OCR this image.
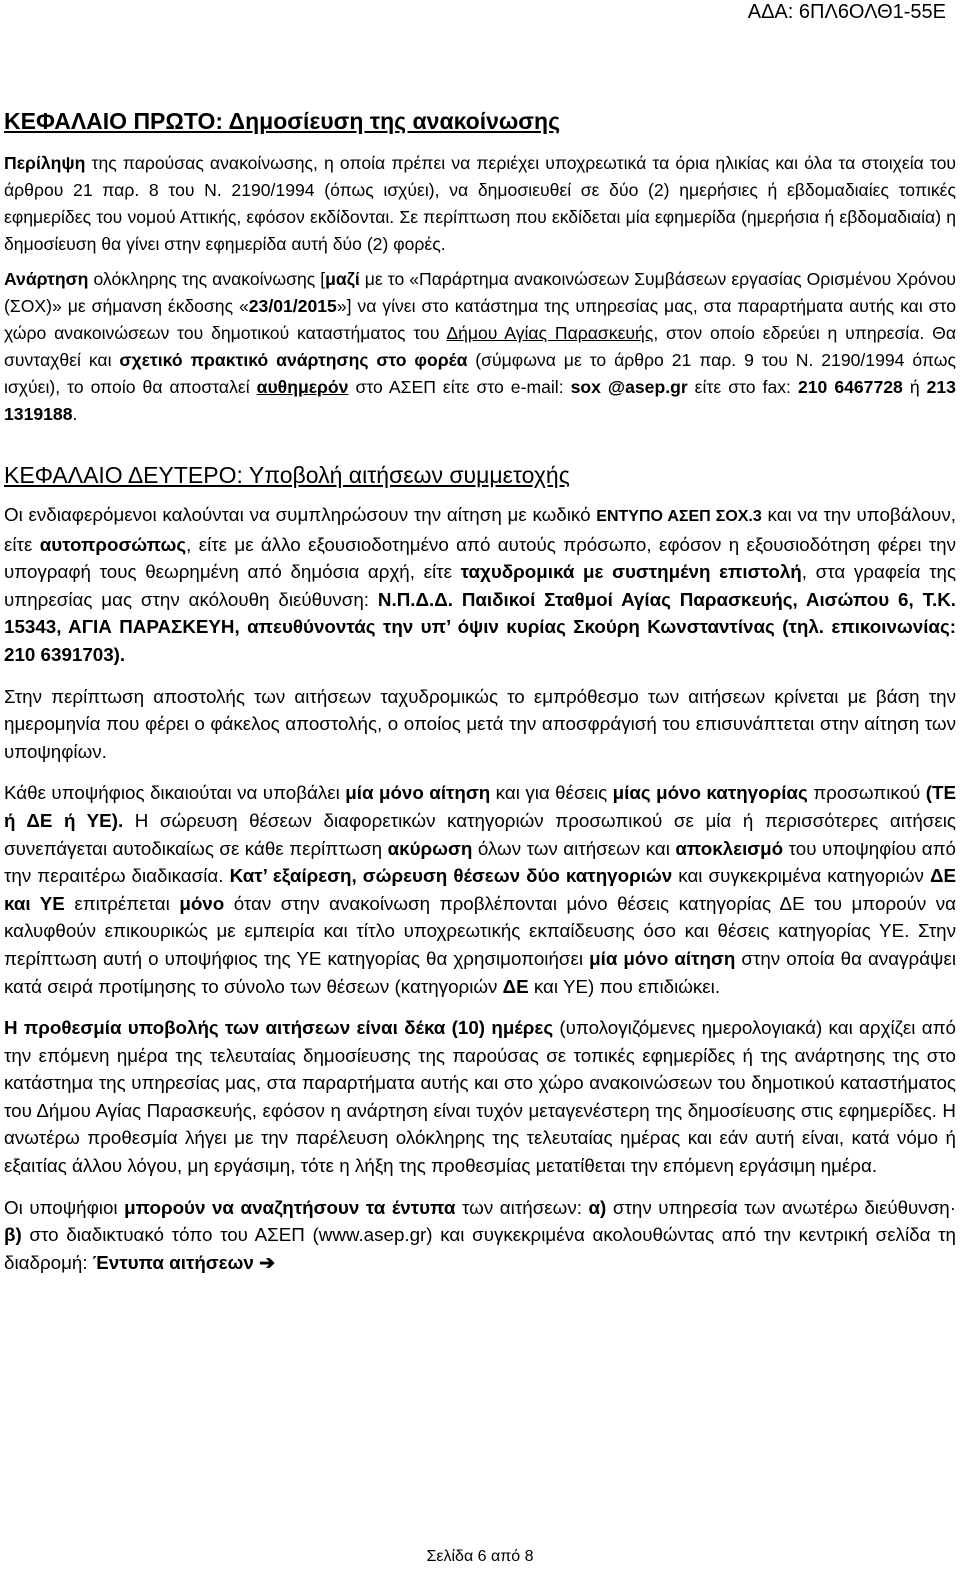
ΑΔΑ: 6ΠΛ6ΟΛΘ1-55Ε
ΚΕΦΑΛΑΙΟ ΠΡΩΤΟ: Δημοσίευση της ανακοίνωσης

Περίληψη της παρούσας ανακοίνωσης, η οποία πρέπει να περιέχει υποχρεωτικά τα όρια ηλικίας και όλα τα στοιχεία του άρθρου 21 παρ. 8 του Ν. 2190/1994 (όπως ισχύει), να δημοσιευθεί σε δύο (2) ημερήσιες ή εβδομαδιαίες τοπικές εφημερίδες του νομού Αττικής, εφόσον εκδίδονται. Σε περίπτωση που εκδίδεται μία εφημερίδα (ημερήσια ή εβδομαδιαία) η δημοσίευση θα γίνει στην εφημερίδα αυτή δύο (2) φορές.

Ανάρτηση ολόκληρης της ανακοίνωσης [μαζί με το «Παράρτημα ανακοινώσεων Συμβάσεων εργασίας Ορισμένου Χρόνου (ΣΟΧ)» με σήμανση έκδοσης «23/01/2015»] να γίνει στο κατάστημα της υπηρεσίας μας, στα παραρτήματα αυτής και στο χώρο ανακοινώσεων του δημοτικού καταστήματος του Δήμου Αγίας Παρασκευής, στον οποίο εδρεύει η υπηρεσία. Θα συνταχθεί και σχετικό πρακτικό ανάρτησης στο φορέα (σύμφωνα με το άρθρο 21 παρ. 9 του Ν. 2190/1994 όπως ισχύει), το οποίο θα αποσταλεί αυθημερόν στο ΑΣΕΠ είτε στο e-mail: sox @asep.gr είτε στο fax: 210 6467728 ή 213 1319188.

ΚΕΦΑΛΑΙΟ ΔΕΥΤΕΡΟ: Υποβολή αιτήσεων συμμετοχής

Οι ενδιαφερόμενοι καλούνται να συμπληρώσουν την αίτηση με κωδικό ΕΝΤΥΠΟ ΑΣΕΠ ΣΟΧ.3 και να την υποβάλουν, είτε αυτοπροσώπως, είτε με άλλο εξουσιοδοτημένο από αυτούς πρόσωπο, εφόσον η εξουσιοδότηση φέρει την υπογραφή τους θεωρημένη από δημόσια αρχή, είτε ταχυδρομικά με συστημένη επιστολή, στα γραφεία της υπηρεσίας μας στην ακόλουθη διεύθυνση: Ν.Π.Δ.Δ. Παιδικοί Σταθμοί Αγίας Παρασκευής, Αισώπου 6, Τ.Κ. 15343, ΑΓΙΑ ΠΑΡΑΣΚΕΥΗ, απευθύνοντάς την υπ’ όψιν κυρίας Σκούρη Κωνσταντίνας (τηλ. επικοινωνίας: 210 6391703).

Στην περίπτωση αποστολής των αιτήσεων ταχυδρομικώς το εμπρόθεσμο των αιτήσεων κρίνεται με βάση την ημερομηνία που φέρει ο φάκελος αποστολής, ο οποίος μετά την αποσφράγισή του επισυνάπτεται στην αίτηση των υποψηφίων.

Κάθε υποψήφιος δικαιούται να υποβάλει μία μόνο αίτηση και για θέσεις μίας μόνο κατηγορίας προσωπικού (ΤΕ ή ΔΕ ή ΥΕ). Η σώρευση θέσεων διαφορετικών κατηγοριών προσωπικού σε μία ή περισσότερες αιτήσεις συνεπάγεται αυτοδικαίως σε κάθε περίπτωση ακύρωση όλων των αιτήσεων και αποκλεισμό του υποψηφίου από την περαιτέρω διαδικασία. Κατ’ εξαίρεση, σώρευση θέσεων δύο κατηγοριών και συγκεκριμένα κατηγοριών ΔΕ και ΥΕ επιτρέπεται μόνο όταν στην ανακοίνωση προβλέπονται μόνο θέσεις κατηγορίας ΔΕ του μπορούν να καλυφθούν επικουρικώς με εμπειρία και τίτλο υποχρεωτικής εκπαίδευσης όσο και θέσεις κατηγορίας ΥΕ. Στην περίπτωση αυτή ο υποψήφιος της ΥΕ κατηγορίας θα χρησιμοποιήσει μία μόνο αίτηση στην οποία θα αναγράψει κατά σειρά προτίμησης το σύνολο των θέσεων (κατηγοριών ΔΕ και ΥΕ) που επιδιώκει.

Η προθεσμία υποβολής των αιτήσεων είναι δέκα (10) ημέρες (υπολογιζόμενες ημερολογιακά) και αρχίζει από την επόμενη ημέρα της τελευταίας δημοσίευσης της παρούσας σε τοπικές εφημερίδες ή της ανάρτησης της στο κατάστημα της υπηρεσίας μας, στα παραρτήματα αυτής και στο χώρο ανακοινώσεων του δημοτικού καταστήματος του Δήμου Αγίας Παρασκευής, εφόσον η ανάρτηση είναι τυχόν μεταγενέστερη της δημοσίευσης στις εφημερίδες. Η ανωτέρω προθεσμία λήγει με την παρέλευση ολόκληρης της τελευταίας ημέρας και εάν αυτή είναι, κατά νόμο ή εξαιτίας άλλου λόγου, μη εργάσιμη, τότε η λήξη της προθεσμίας μετατίθεται την επόμενη εργάσιμη ημέρα.

Οι υποψήφιοι μπορούν να αναζητήσουν τα έντυπα των αιτήσεων: α) στην υπηρεσία των ανωτέρω διεύθυνση· β) στο διαδικτυακό τόπο του ΑΣΕΠ (www.asep.gr) και συγκεκριμένα ακολουθώντας από την κεντρική σελίδα τη διαδρομή: Έντυπα αιτήσεων ➔

Σελίδα 6 από 8
